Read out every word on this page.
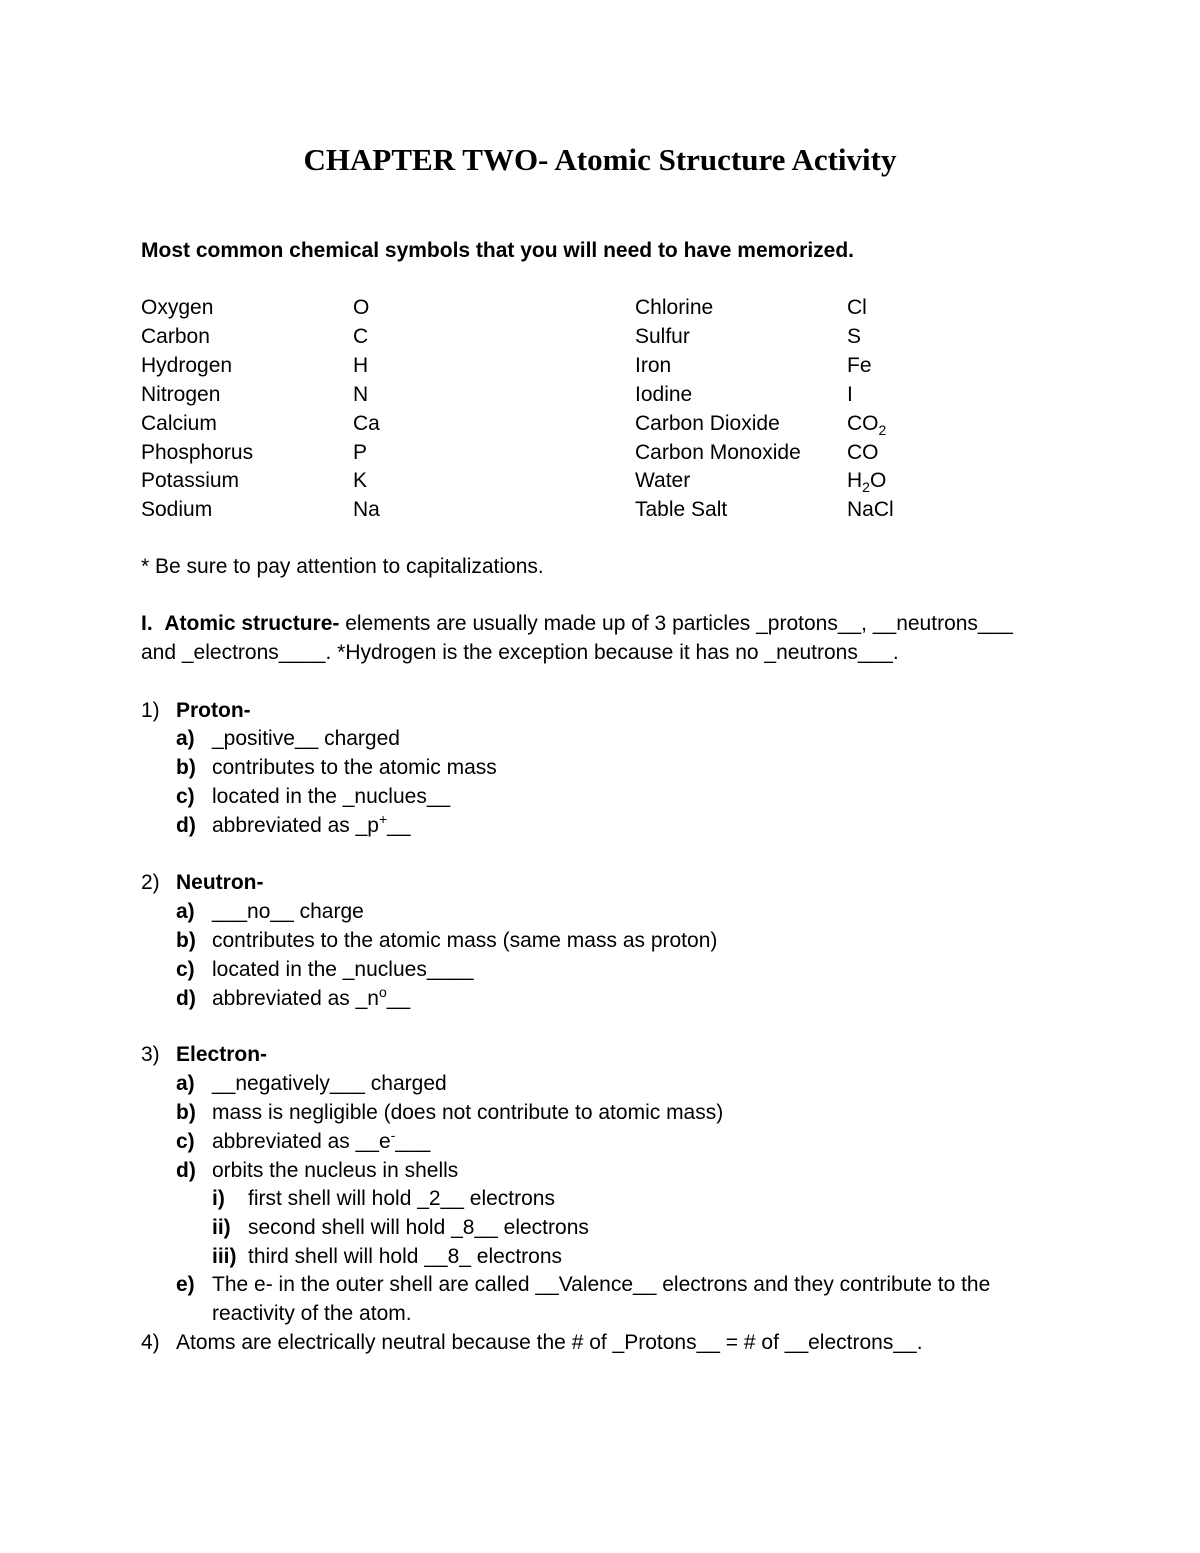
CHAPTER TWO- Atomic Structure Activity
Most common chemical symbols that you will need to have memorized.
Oxygen	O
Carbon	C
Hydrogen	H
Nitrogen	N
Calcium	Ca
Phosphorus	P
Potassium	K
Sodium	Na
Chlorine	Cl
Sulfur	S
Iron	Fe
Iodine	I
Carbon Dioxide	$CO_2$
Carbon Monoxide CO
Water	$H_2O$
Table Salt	NaCl
* Be sure to pay attention to capitalizations.
I. Atomic structure- elements are usually made up of 3 particles _protons__, __neutrons___
and _electrons____. *Hydrogen is the exception because it has no _neutrons___.
1) Proton-
a) _positive__ charged
b) contributes to the atomic mass
c) located in the _nuclues__
d) abbreviated as _p+__
2) Neutron-
a) ___no__ charge
b) contributes to the atomic mass (same mass as proton)
c) located in the _nuclues____
d) abbreviated as $\_n^o\_\_$
3) Electron-
a) __negatively___ charged
b) mass is negligible (does not contribute to atomic mass)
c) abbreviated as __e-___
d) orbits the nucleus in shells
i) first shell will hold _2__ electrons
ii) second shell will hold _8__ electrons
iii) third shell will hold __8_ electrons
e) The e- in the outer shell are called __Valence__ electrons and they contribute to the
reactivity of the atom.
4) Atoms are electrically neutral because the # of _Protons__ = # of __electrons__.
